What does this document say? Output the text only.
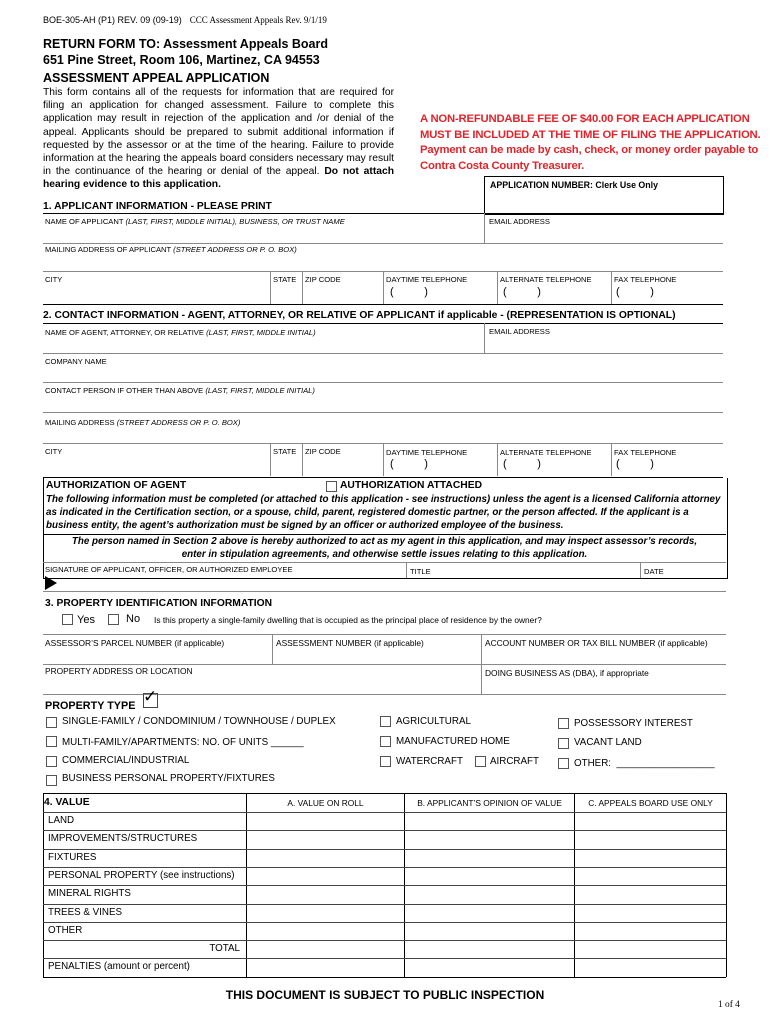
BOE-305-AH (P1) REV. 09 (09-19) CCC Assessment Appeals Rev. 9/1/19
RETURN FORM TO: Assessment Appeals Board
651 Pine Street, Room 106, Martinez, CA 94553
ASSESSMENT APPEAL APPLICATION
This form contains all of the requests for information that are required for filing an application for changed assessment. Failure to complete this application may result in rejection of the application and /or denial of the appeal. Applicants should be prepared to submit additional information if requested by the assessor or at the time of the hearing. Failure to provide information at the hearing the appeals board considers necessary may result in the continuance of the hearing or denial of the appeal. Do not attach hearing evidence to this application.
A NON-REFUNDABLE FEE OF $40.00 FOR EACH APPLICATION
MUST BE INCLUDED AT THE TIME OF FILING THE APPLICATION.
Payment can be made by cash, check, or money order payable to
Contra Costa County Treasurer.
APPLICATION NUMBER: Clerk Use Only
1. APPLICANT INFORMATION - PLEASE PRINT
NAME OF APPLICANT (LAST, FIRST, MIDDLE INITIAL), BUSINESS, OR TRUST NAME	EMAIL ADDRESS
MAILING ADDRESS OF APPLICANT (STREET ADDRESS OR P. O. BOX)
CITY	STATE ZIP CODE	DAYTIME TELEPHONE	ALTERNATE TELEPHONE	FAX TELEPHONE
(          )	(          )	(          )
2. CONTACT INFORMATION - AGENT, ATTORNEY, OR RELATIVE OF APPLICANT if applicable - (REPRESENTATION IS OPTIONAL)
NAME OF AGENT, ATTORNEY, OR RELATIVE (LAST, FIRST, MIDDLE INITIAL)	EMAIL ADDRESS
COMPANY NAME
CONTACT PERSON IF OTHER THAN ABOVE (LAST, FIRST, MIDDLE INITIAL)
MAILING ADDRESS (STREET ADDRESS OR P. O. BOX)
CITY	STATE ZIP CODE	DAYTIME TELEPHONE	ALTERNATE TELEPHONE	FAX TELEPHONE
(          )	(          )	(          )
AUTHORIZATION OF AGENT	AUTHORIZATION ATTACHED
The following information must be completed (or attached to this application - see instructions) unless the agent is a licensed California attorney as indicated in the Certification section, or a spouse, child, parent, registered domestic partner, or the person affected. If the applicant is a business entity, the agent’s authorization must be signed by an officer or authorized employee of the business.
The person named in Section 2 above is hereby authorized to act as my agent in this application, and may inspect assessor’s records,
enter in stipulation agreements, and otherwise settle issues relating to this application.
SIGNATURE OF APPLICANT, OFFICER, OR AUTHORIZED EMPLOYEE	TITLE	DATE
3. PROPERTY IDENTIFICATION INFORMATION
Yes	No Is this property a single-family dwelling that is occupied as the principal place of residence by the owner?
ASSESSOR’S PARCEL NUMBER (if applicable)	ASSESSMENT NUMBER (if applicable)	ACCOUNT NUMBER OR TAX BILL NUMBER (if applicable)
PROPERTY ADDRESS OR LOCATION	DOING BUSINESS AS (DBA), if appropriate
PROPERTY TYPE ✓
SINGLE-FAMILY / CONDOMINIUM / TOWNHOUSE / DUPLEX
MULTI-FAMILY/APARTMENTS: NO. OF UNITS ______
COMMERCIAL/INDUSTRIAL
BUSINESS PERSONAL PROPERTY/FIXTURES
AGRICULTURAL
MANUFACTURED HOME
WATERCRAFT	AIRCRAFT
POSSESSORY INTEREST
VACANT LAND
OTHER:  __________________
4. VALUE	A. VALUE ON ROLL	B. APPLICANT’S OPINION OF VALUE	C. APPEALS BOARD USE ONLY
LAND
IMPROVEMENTS/STRUCTURES
FIXTURES
PERSONAL PROPERTY (see instructions)
MINERAL RIGHTS
TREES & VINES
OTHER
TOTAL
PENALTIES (amount or percent)
THIS DOCUMENT IS SUBJECT TO PUBLIC INSPECTION
1 of 4
